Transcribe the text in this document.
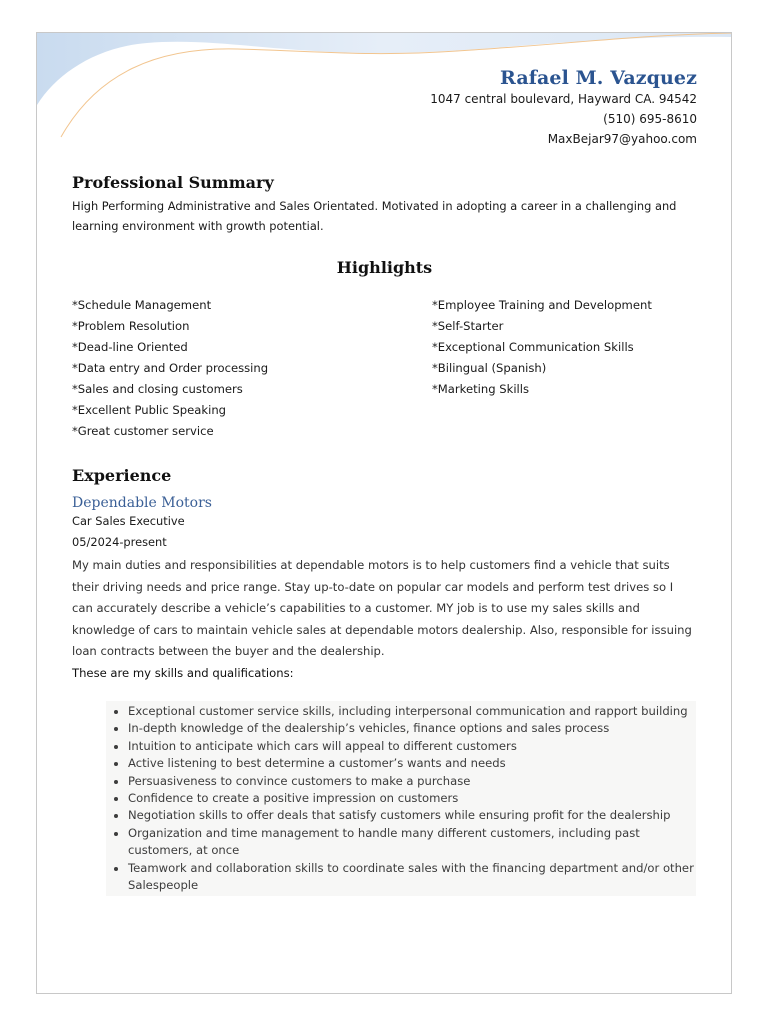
Rafael M. Vazquez
1047 central boulevard, Hayward CA. 94542
(510) 695-8610
MaxBejar97@yahoo.com
Professional Summary
High Performing Administrative and Sales Orientated. Motivated in adopting a career in a challenging and learning environment with growth potential.
Highlights
*Schedule Management
*Problem Resolution
*Dead-line Oriented
*Data entry and Order processing
*Sales and closing customers
*Excellent Public Speaking
*Great customer service
*Employee Training and Development
*Self-Starter
*Exceptional Communication Skills
*Bilingual (Spanish)
*Marketing Skills
Experience
Dependable Motors
Car Sales Executive
05/2024-present
My main duties and responsibilities at dependable motors is to help customers find a vehicle that suits their driving needs and price range. Stay up-to-date on popular car models and perform test drives so I can accurately describe a vehicle’s capabilities to a customer. MY job is to use my sales skills and knowledge of cars to maintain vehicle sales at dependable motors dealership. Also, responsible for issuing loan contracts between the buyer and the dealership.
These are my skills and qualifications:
• Exceptional customer service skills, including interpersonal communication and rapport building
• In-depth knowledge of the dealership’s vehicles, finance options and sales process
• Intuition to anticipate which cars will appeal to different customers
• Active listening to best determine a customer’s wants and needs
• Persuasiveness to convince customers to make a purchase
• Confidence to create a positive impression on customers
• Negotiation skills to offer deals that satisfy customers while ensuring profit for the dealership
• Organization and time management to handle many different customers, including past customers, at once
• Teamwork and collaboration skills to coordinate sales with the financing department and/or other Salespeople
